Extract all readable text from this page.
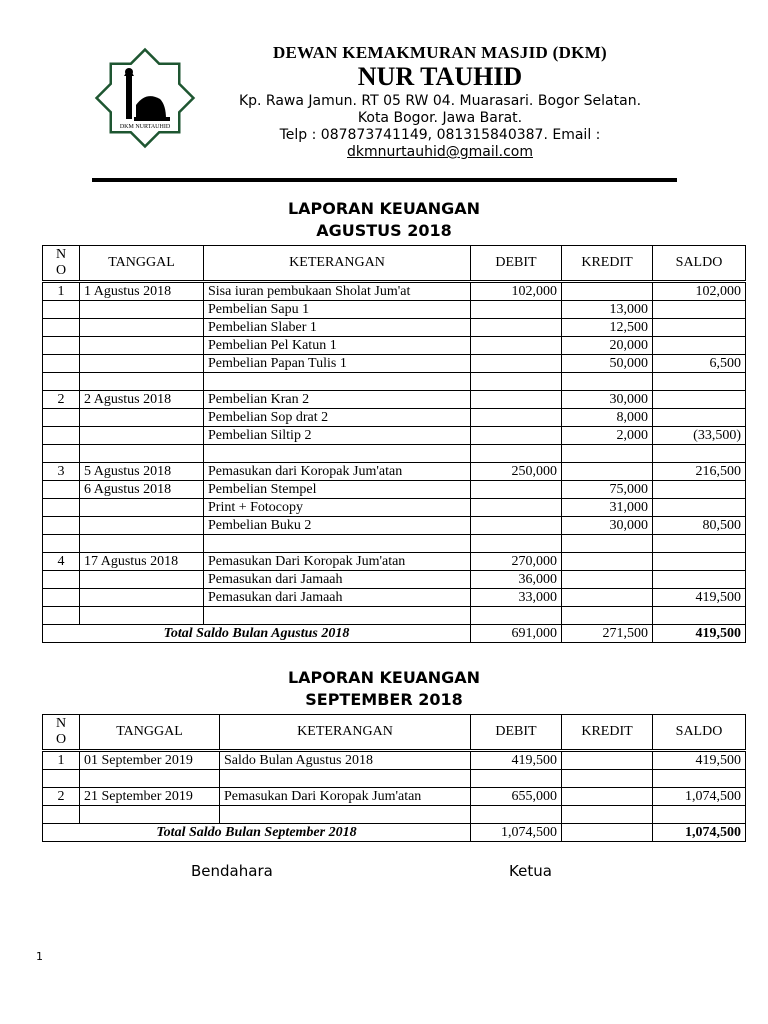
DKM NURTAUHID
DEWAN KEMAKMURAN MASJID (DKM)
NUR TAUHID
Kp. Rawa Jamun. RT 05 RW 04. Muarasari. Bogor Selatan.
Kota Bogor. Jawa Barat.
Telp : 087873741149, 081315840387. Email :
dkmnurtauhid@gmail.com
LAPORAN KEUANGAN
AGUSTUS 2018
NO	TANGGAL	KETERANGAN	DEBIT	KREDIT	SALDO
1	1 Agustus 2018	Sisa iuran pembukaan Sholat Jum'at	102,000		102,000
		Pembelian Sapu 1		13,000	
		Pembelian Slaber 1		12,500	
		Pembelian Pel Katun 1		20,000	
		Pembelian Papan Tulis 1		50,000	6,500

2	2 Agustus 2018	Pembelian Kran 2		30,000	
		Pembelian Sop drat 2		8,000	
		Pembelian Siltip 2		2,000	(33,500)

3	5 Agustus 2018	Pemasukan dari Koropak Jum'atan	250,000		216,500
	6 Agustus 2018	Pembelian Stempel		75,000	
		Print + Fotocopy		31,000	
		Pembelian Buku 2		30,000	80,500

4	17 Agustus 2018	Pemasukan Dari Koropak Jum'atan	270,000		
		Pemasukan dari Jamaah	36,000		
		Pemasukan dari Jamaah	33,000		419,500

Total Saldo Bulan Agustus 2018			691,000	271,500	419,500
LAPORAN KEUANGAN
SEPTEMBER 2018
NO	TANGGAL	KETERANGAN	DEBIT	KREDIT	SALDO
1	01 September 2019	Saldo Bulan Agustus 2018	419,500		419,500

2	21 September 2019	Pemasukan Dari Koropak Jum'atan	655,000		1,074,500

Total Saldo Bulan September 2018			1,074,500		1,074,500
Bendahara	Ketua
1
